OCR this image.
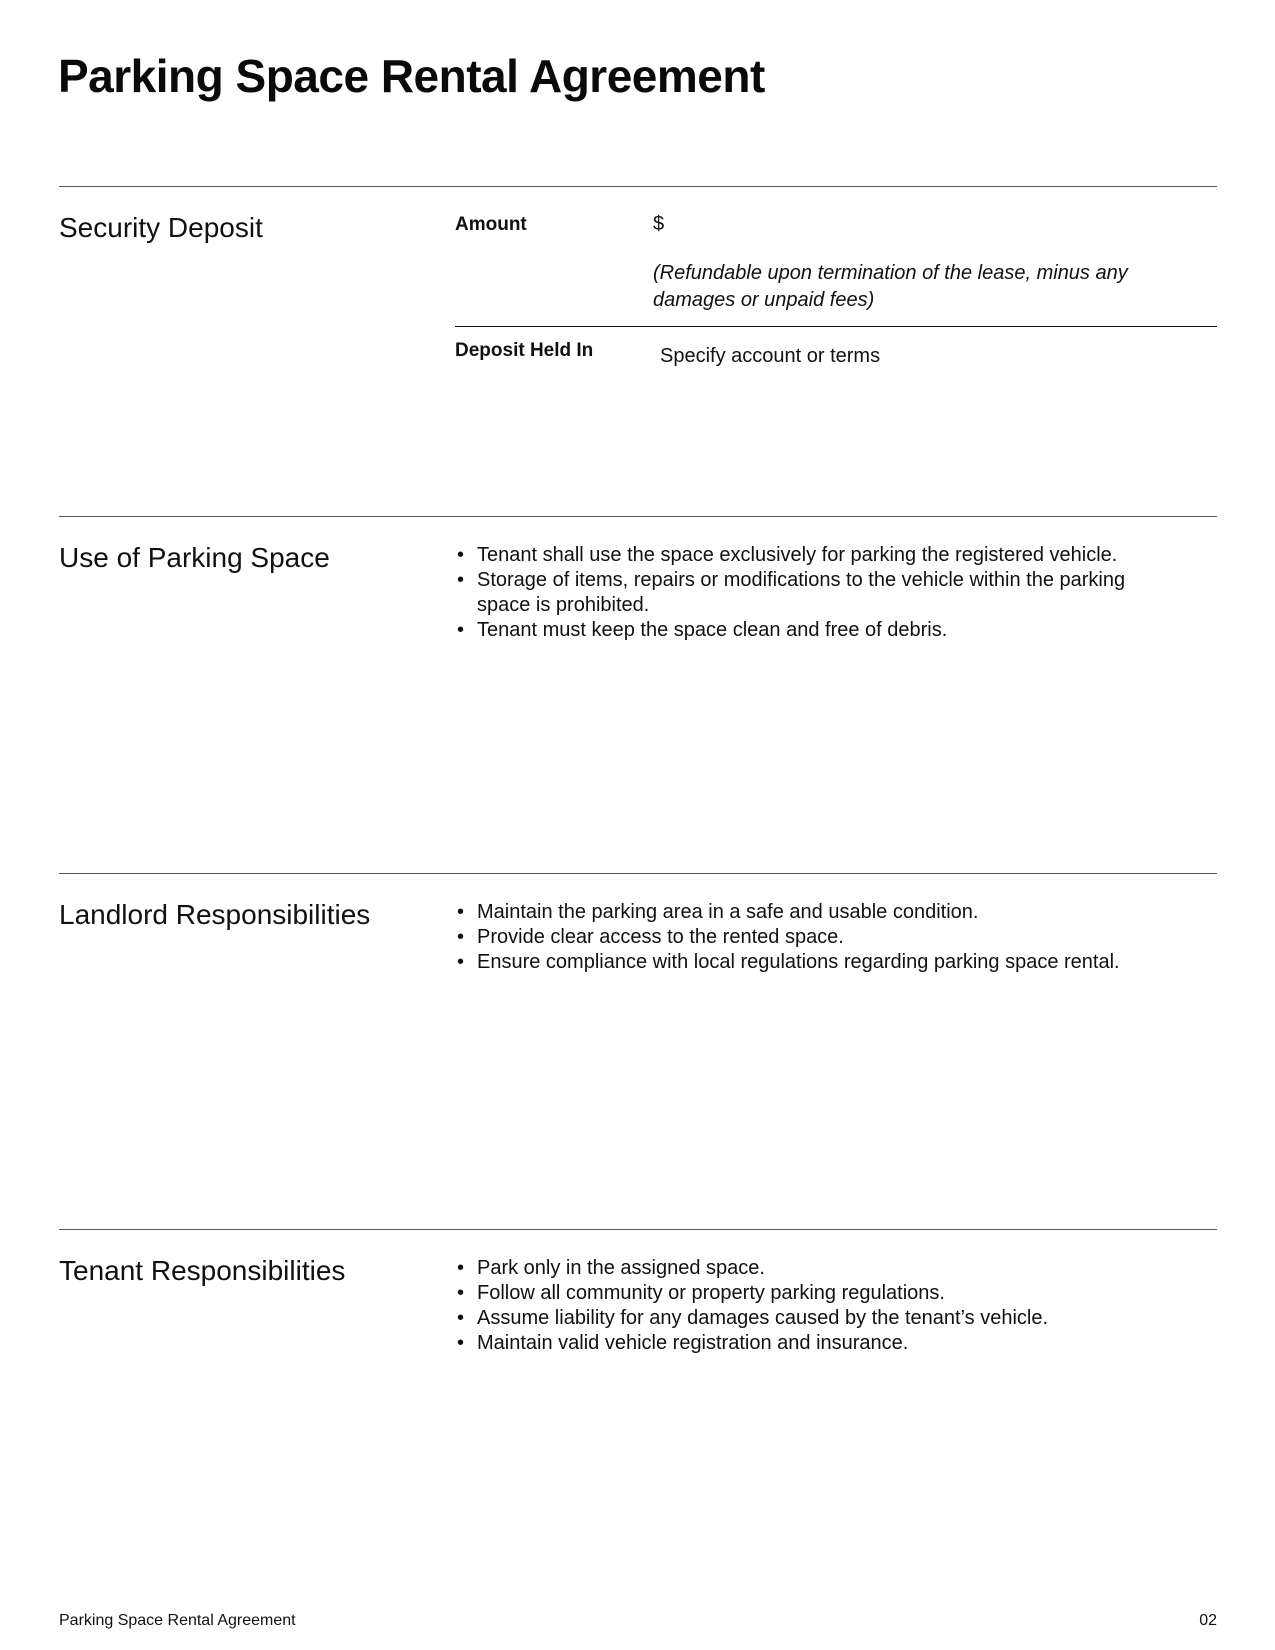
Parking Space Rental Agreement
Security Deposit	Amount	$
(Refundable upon termination of the lease, minus any damages or unpaid fees)
Deposit Held In	Specify account or terms
Use of Parking Space	• Tenant shall use the space exclusively for parking the registered vehicle.
• Storage of items, repairs or modifications to the vehicle within the parking space is prohibited.
• Tenant must keep the space clean and free of debris.
Landlord Responsibilities	• Maintain the parking area in a safe and usable condition.
• Provide clear access to the rented space.
• Ensure compliance with local regulations regarding parking space rental.
Tenant Responsibilities	• Park only in the assigned space.
• Follow all community or property parking regulations.
• Assume liability for any damages caused by the tenant’s vehicle.
• Maintain valid vehicle registration and insurance.
Parking Space Rental Agreement	02
